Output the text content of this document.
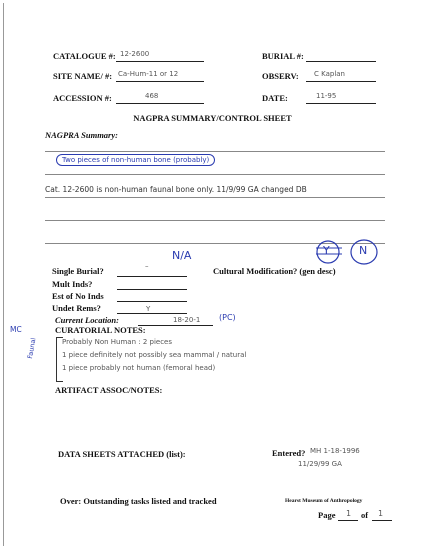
CATALOGUE #: 12-2600	BURIAL #:
SITE NAME/ #: Ca-Hum-11 or 12	OBSERV: C Kaplan
ACCESSION #:	468	DATE:	11-95
NAGPRA SUMMARY/CONTROL SHEET
NAGPRA Summary:
Two pieces of non-human bone (probably)
Cat. 12-2600 is non-human faunal bone only. 11/9/99 GA changed DB
N/A	Y	N
Single Burial?	–	Cultural Modification? (gen desc)
Mult Inds?
Est of No Inds
Undet Rems?	Y
Current Location:	18-20-1 (PC)
CURATORIAL NOTES:
MC
Faunal	Probably Non Human : 2 pieces
1 piece definitely not possibly sea mammal / natural
1 piece probably not human (femoral head)
ARTIFACT ASSOC/NOTES:
DATA SHEETS ATTACHED (list):	Entered? MH 1-18-1996
11/29/99 GA
Over: Outstanding tasks listed and tracked	Hearst Museum of Anthropology
Page 1 of 1
